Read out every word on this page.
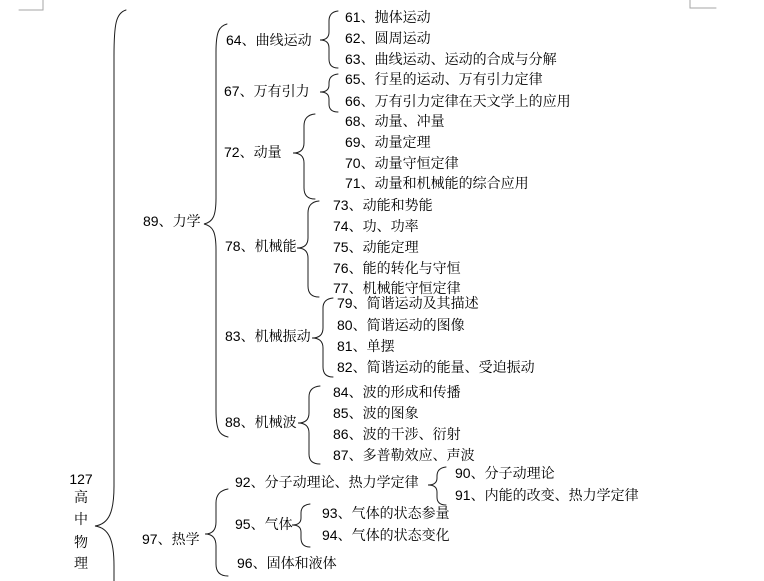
127
高
中
物
理
89、力学
97、热学
64、曲线运动
67、万有引力
72、动量
78、机械能
83、机械振动
88、机械波
61、抛体运动
62、圆周运动
63、曲线运动、运动的合成与分解
65、行星的运动、万有引力定律
66、万有引力定律在天文学上的应用
68、动量、冲量
69、动量定理
70、动量守恒定律
71、动量和机械能的综合应用
73、动能和势能
74、功、功率
75、动能定理
76、能的转化与守恒
77、机械能守恒定律
79、简谐运动及其描述
80、简谐运动的图像
81、单摆
82、简谐运动的能量、受迫振动
84、波的形成和传播
85、波的图象
86、波的干涉、衍射
87、多普勒效应、声波
92、分子动理论、热力学定律
95、气体
96、固体和液体
90、分子动理论
91、内能的改变、热力学定律
93、气体的状态参量
94、气体的状态变化
